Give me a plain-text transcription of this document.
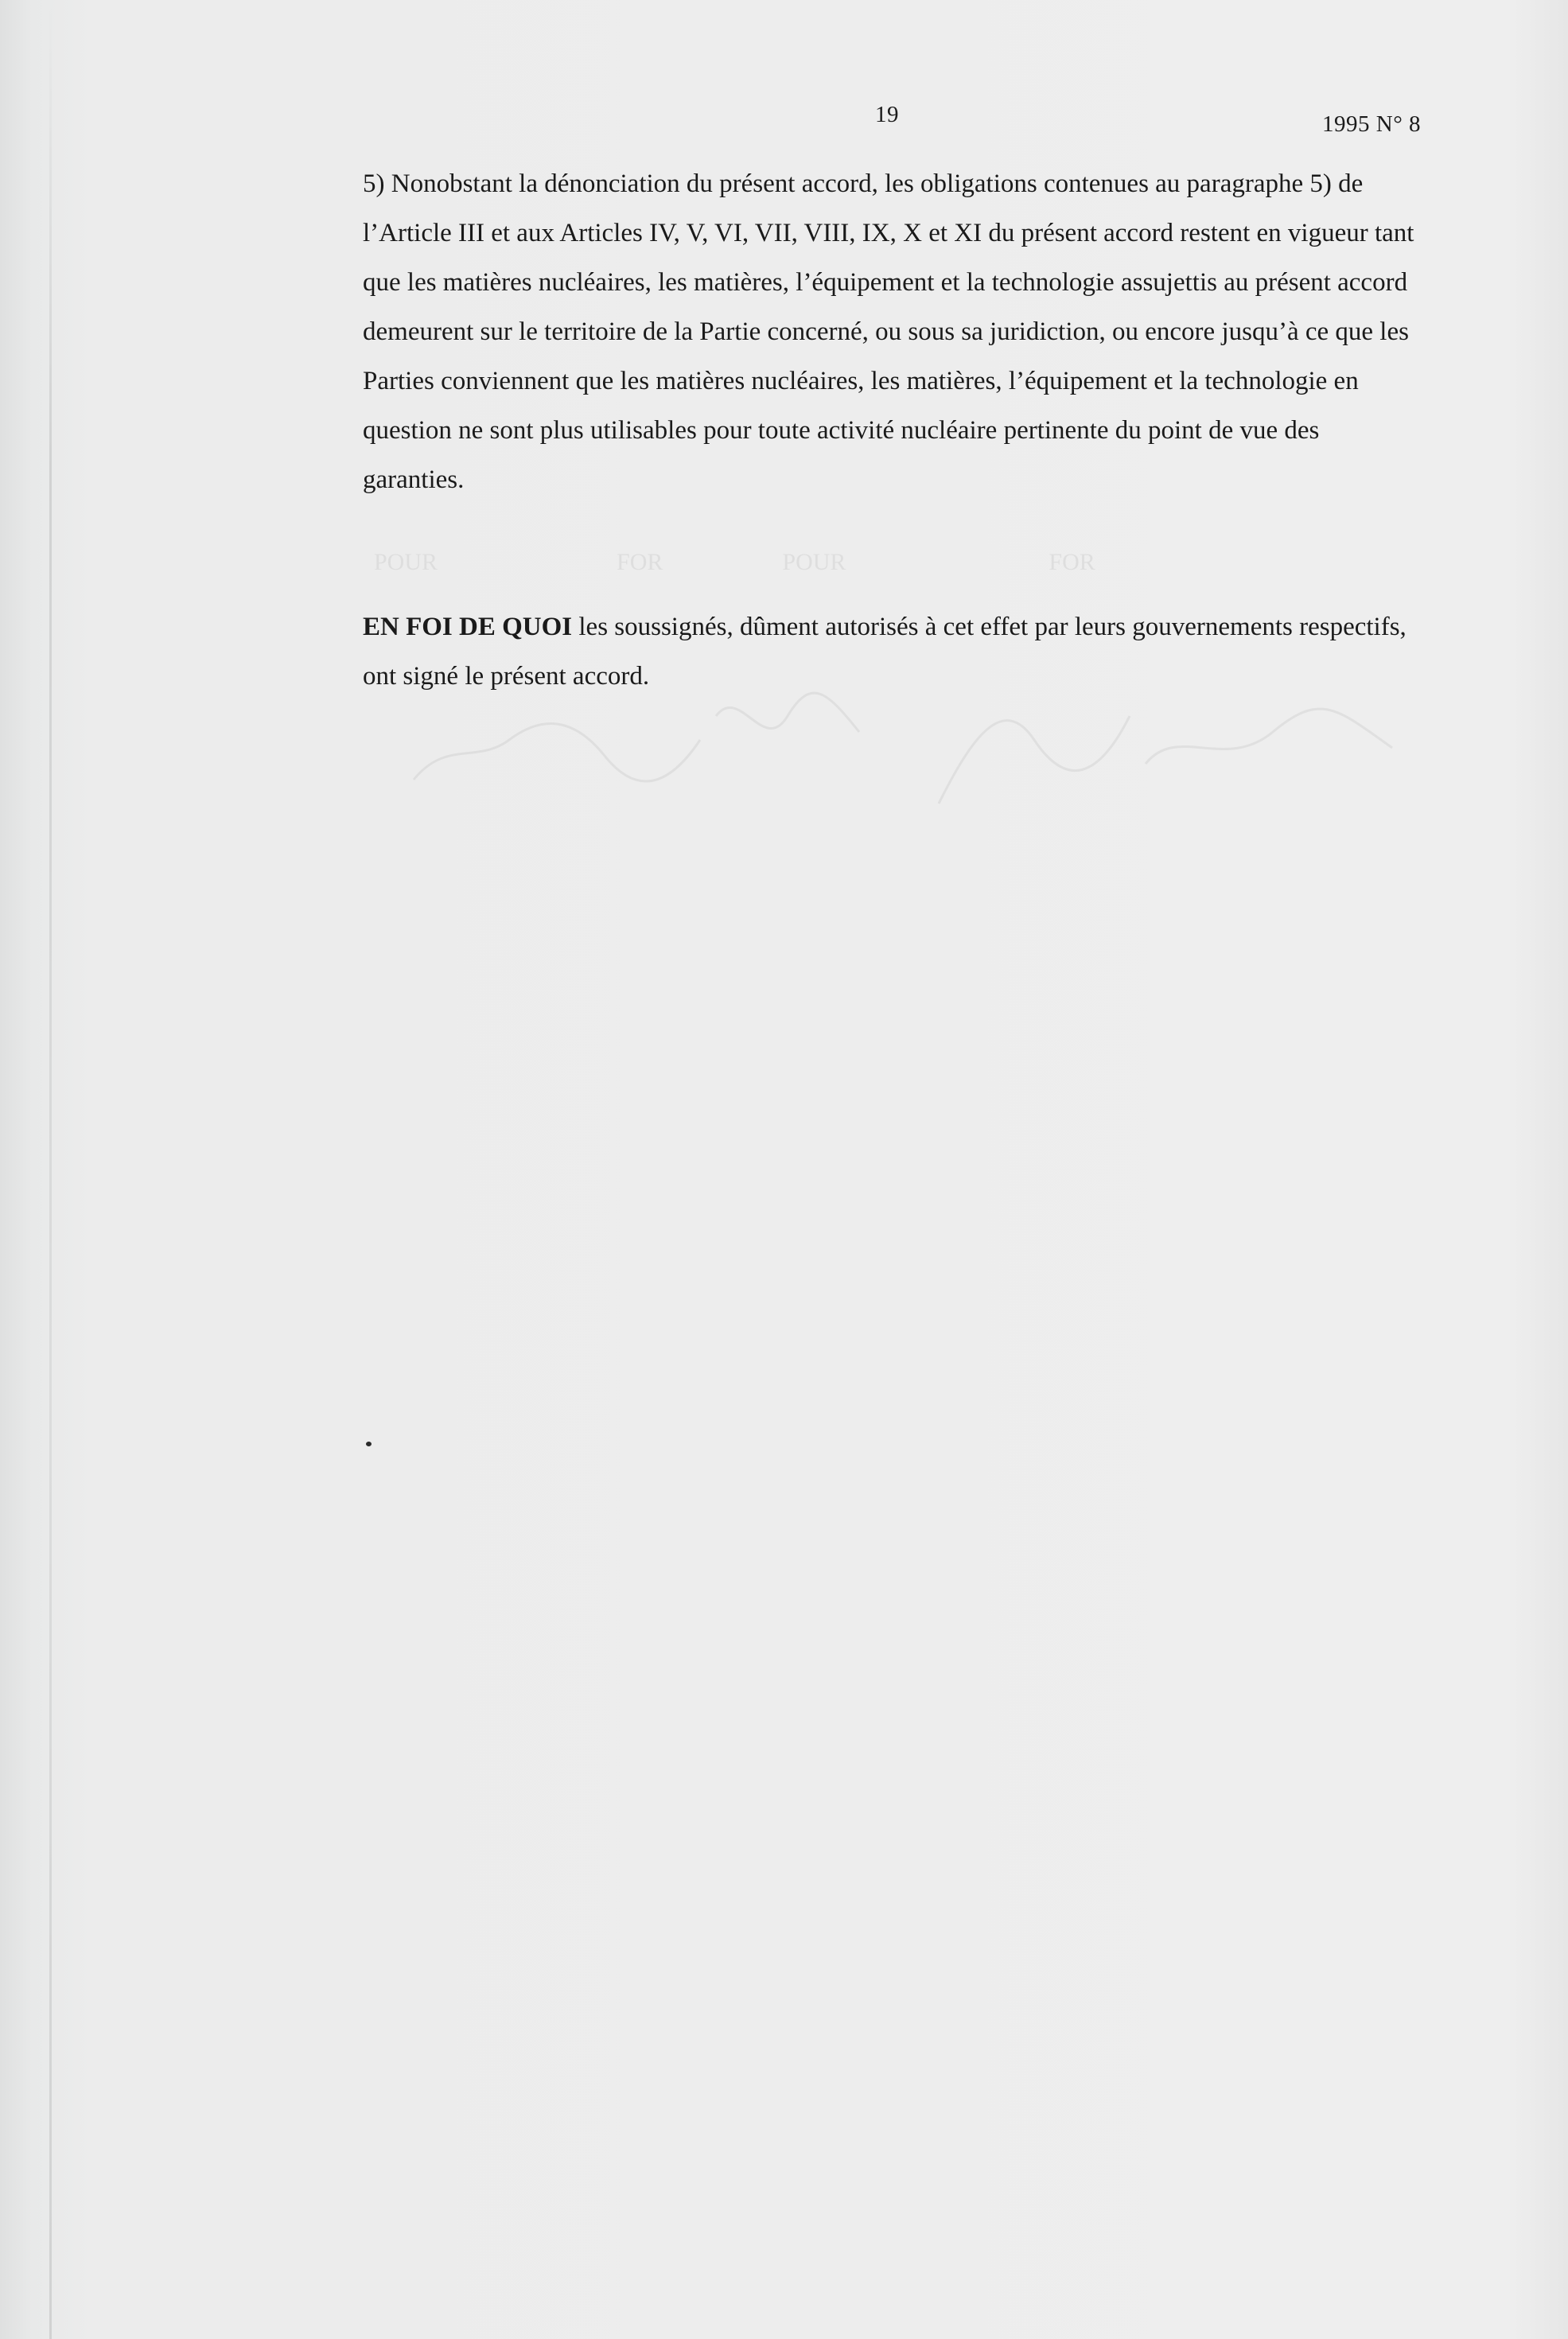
POUR                              FOR                    POUR                                  FOR
19	1995 N° 8

5) Nonobstant la dénonciation du présent accord, les obligations contenues au paragraphe 5) de l’Article III et aux Articles IV, V, VI, VII, VIII, IX, X et XI du présent accord restent en vigueur tant que les matières nucléaires, les matières, l’équipement et la technologie assujettis au présent accord demeurent sur le territoire de la Partie concerné, ou sous sa juridiction, ou encore jusqu’à ce que les Parties conviennent que les matières nucléaires, les matières, l’équipement et la technologie en question ne sont plus utilisables pour toute activité nucléaire pertinente du point de vue des garanties.

EN FOI DE QUOI les soussignés, dûment autorisés à cet effet par leurs gouvernements respectifs, ont signé le présent accord.
